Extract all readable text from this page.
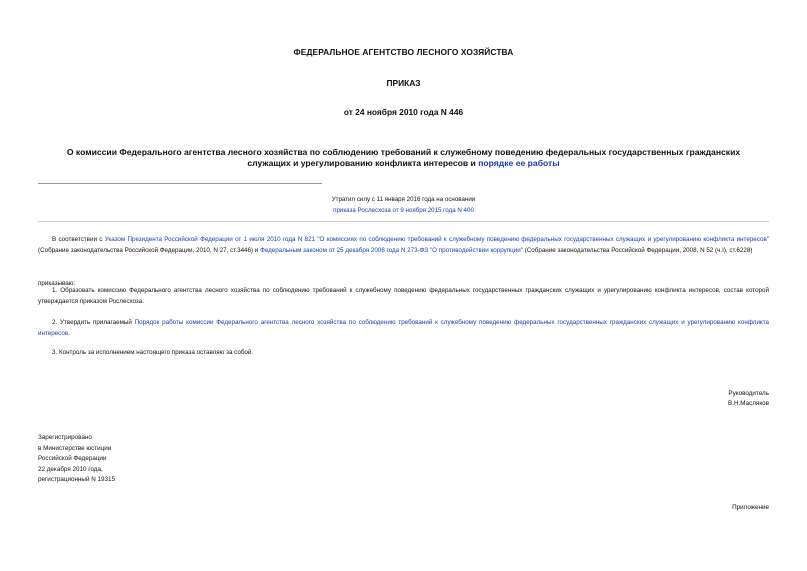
ФЕДЕРАЛЬНОЕ АГЕНТСТВО ЛЕСНОГО ХОЗЯЙСТВА
ПРИКАЗ
от 24 ноября 2010 года N 446
О комиссии Федерального агентства лесного хозяйства по соблюдению требований к служебному поведению федеральных государственных гражданских служащих и урегулированию конфликта интересов и порядке ее работы
Утратил силу с 11 января 2016 года на основании
приказа Рослесхоза от 9 ноября 2015 года N 400
В соответствии с Указом Президента Российской Федерации от 1 июля 2010 года N 821 "О комиссиях по соблюдению требований к служебному поведению федеральных государственных служащих и урегулированию конфликта интересов" (Собрание законодательства Российской Федерации, 2010, N 27, ст.3446) и Федеральным законом от 25 декабря 2008 года N 273-ФЗ "О противодействии коррупции" (Собрание законодательства Российской Федерации, 2008, N 52 (ч.I), ст.6228)
приказываю:
1. Образовать комиссию Федерального агентства лесного хозяйства по соблюдению требований к служебному поведению федеральных государственных гражданских служащих и урегулированию конфликта интересов, состав которой утверждается приказом Рослесхоза.
2. Утвердить прилагаемый Порядок работы комиссии Федерального агентства лесного хозяйства по соблюдению требований к служебному поведению федеральных государственных гражданских служащих и урегулированию конфликта интересов.
3. Контроль за исполнением настоящего приказа оставляю за собой.
Руководитель
В.Н.Масляков
Зарегистрировано
в Министерстве юстиции
Российской Федерации
22 декабря 2010 года,
регистрационный N 19315
Приложение
